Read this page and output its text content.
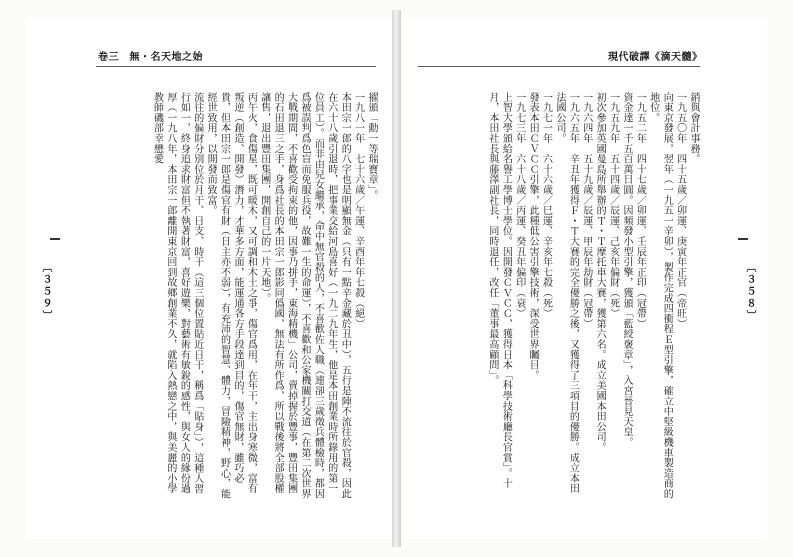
卷三　無・名天地之始
〔３５９〕

擢頒「勳一等瑞寶章」。

一九八一年　七十六歲／午運、辛酉年年七殺（絕）

本田宗一郎的八字也是明顯無金（只有一點辛金藏於丑中），五行是陣不流往於官殺，因此在六十八歲引退時，把事業交給河島喜好（一九二九年生，他是本田創業時所錄用的第一位員工）。而非由兒女繼承，命中無官殺的人，不喜歡佐人職（連卻三歲徵兵體檢時，都因爲被誤判爲色盲而免服兵役，故難一生的命運），不喜歡和公家機關打交道（在第二次世界大戰期間，不喜歡受拘束的他，因事乃拼手，東海精機」公司，賣掉握於豐事，豐田集團的石田退三之手，身爲社長的本田宗一郎影同僞國，無法有所作爲，所以戰後將全部股權讓售，退出豐田集團，開創自己的一片天地）。

丙午火，食傷星，既可暖木，又可調和木土之爭，傷官爲用，在年干，主出身寒微，富有叛逆（創造、開發）潛力，才華多方面，能運通各方手段達到目的，傷官無財，雖巧必貴，但本田宗一郎是傷官有財（日主亦不弱），有充沛的智慧、體力，冒險精神，野心，能經世致用，以開發而致富。

流往的偏財分別位於月干、日支、時干（這三個位置貼近日干，稱爲「貼身」），這種人習行如一，終身追求財富但不執著財富，喜好遊樂，對藝術有敏銳的感性，與女人的緣份過厚（一九八年，本田宗一郎離開東京回到故鄉創業不久，就陷入熱戀之中，與美麗的小學教師磯部幸懋愛

現代破譯《滴天髓》
〔３５８〕

銷與會計事務。

一九五〇年　四十五歲／卯運、庚寅年正官（帝旺）

向東京發展，翌年（一九五一辛卯），製作完成四衝程Ｅ型引擎，確立中堅級機車製造商的地位。

一九五二年　四十七歲／卯運、壬辰年正印（冠帶）

資金達一千五百萬日圓。因頻發小型引擎，獲頒「藍綬褒章」，入宮晉見天皇。

一九五九年　五十四歲／辰運、己亥年偏財（死）

初次參加英國曼島所舉辦的Ｔ・Ｔ摩托車大賽，獲第六名。成立美國本田公司。

一九六四年　五十九歲／辰運、甲辰年劫財（冠帶）

一九六五年　辛丑年獲得Ｆ・Ｔ大賽的完全優勝之後，又獲得了三項目的優勝。成立本田法國公司。

一九七一年　六十六歲／巳運、辛亥年七殺（死）

發表本田ＣＶＣＣ引擎，此種低公害引擎技術，深受世界矚目。

一九七三年　六十八歲／丙運、癸丑年偏印（衰）

上智大學頒給名譽工學博士學位。因開發ＣＶＣＣ，獲得日本「科學技術廳長官賞」。十月，本田社長與藤澤副社長，同時退任，改任「董事最高顧問」。
